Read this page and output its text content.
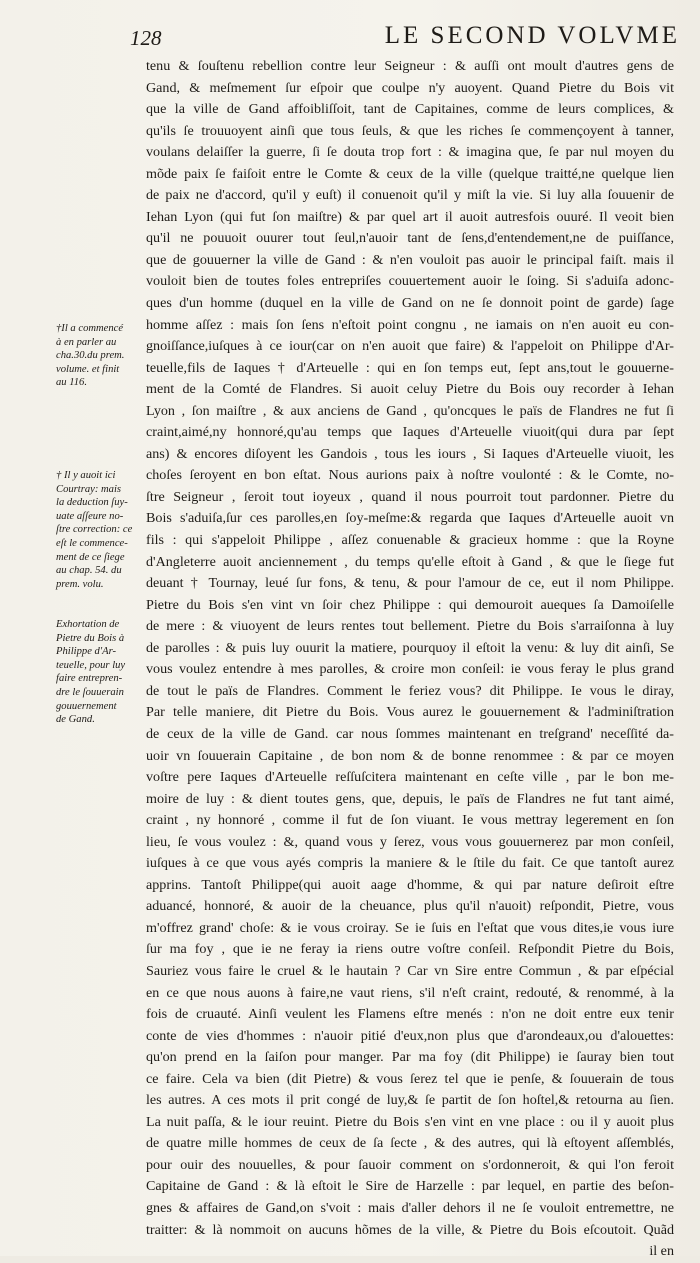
128	LE SECOND VOLVME
†Il a commencé
à en parler au
cha.30.du prem.
volume. et finit
au 116.
† Il y auoit ici
Courtray: mais
la deduction ſuy-
uate aſſeure no-
ſtre correction: ce
eſt le commence-
ment de ce ſiege
au chap. 54. du
prem. volu.
Exhortation de
Pietre du Bois à
Philippe d'Ar-
teuelle, pour luy
faire entrepren-
dre le ſouuerain
gouuernement
de Gand.
tenu & ſouſtenu rebellion contre leur Seigneur : & auſſi ont moult d'autres gens de
Gand, & meſmement ſur eſpoir que coulpe n'y auoyent. Quand Pietre du Bois vit
que la ville de Gand affoibliſſoit, tant de Capitaines, comme de leurs complices, &
qu'ils ſe trouuoyent ainſi que tous ſeuls, & que les riches ſe commençoyent à tanner,
voulans delaiſſer la guerre, ſi ſe douta trop fort : & imagina que, ſe par nul moyen du
mõde paix ſe faiſoit entre le Comte & ceux de la ville (quelque traitté,ne quelque lien
de paix ne d'accord, qu'il y euſt) il conuenoit qu'il y miſt la vie. Si luy alla ſouuenir de
Iehan Lyon (qui fut ſon maiſtre) & par quel art il auoit autresfois ouuré. Il veoit bien
qu'il ne pouuoit ouurer tout ſeul,n'auoir tant de ſens,d'entendement,ne de puiſſance,
que de gouuerner la ville de Gand : & n'en vouloit pas auoir le principal faiſt. mais il
vouloit bien de toutes foles entrepriſes couuertement auoir le ſoing. Si s'aduiſa adonc-
ques d'un homme (duquel en la ville de Gand on ne ſe donnoit point de garde) ſage
homme aſſez : mais ſon ſens n'eſtoit point congnu , ne iamais on n'en auoit eu con-
gnoiſſance,iuſques à ce iour(car on n'en auoit que faire) & l'appeloit on Philippe d'Ar-
teuelle,fils de Iaques † d'Arteuelle : qui en ſon temps eut, ſept ans,tout le gouuerne-
ment de la Comté de Flandres. Si auoit celuy Pietre du Bois ouy recorder à Iehan
Lyon , ſon maiſtre , & aux anciens de Gand , qu'oncques le païs de Flandres ne fut ſi
craint,aimé,ny honnoré,qu'au temps que Iaques d'Arteuelle viuoit(qui dura par ſept
ans) & encores diſoyent les Gandois , tous les iours , Si Iaques d'Arteuelle viuoit, les
choſes ſeroyent en bon eſtat. Nous aurions paix à noſtre voulonté : & le Comte, no-
ſtre Seigneur , ſeroit tout ioyeux , quand il nous pourroit tout pardonner. Pietre du
Bois s'aduiſa,ſur ces parolles,en ſoy-meſme:& regarda que Iaques d'Arteuelle auoit vn
fils : qui s'appeloit Philippe , aſſez conuenable & gracieux homme : que la Royne
d'Angleterre auoit anciennement , du temps qu'elle eſtoit à Gand , & que le ſiege fut
deuant † Tournay, leué ſur fons, & tenu, & pour l'amour de ce, eut il nom Philippe.
Pietre du Bois s'en vint vn ſoir chez Philippe : qui demouroit aueques ſa Damoiſelle
de mere : & viuoyent de leurs rentes tout bellement. Pietre du Bois s'arraiſonna à luy
de parolles : & puis luy ouurit la matiere, pourquoy il eſtoit la venu: & luy dit ainſi, Se
vous voulez entendre à mes parolles, & croire mon conſeil: ie vous feray le plus grand
de tout le païs de Flandres. Comment le feriez vous? dit Philippe. Ie vous le diray,
Par telle maniere, dit Pietre du Bois. Vous aurez le gouuernement & l'adminiſtration
de ceux de la ville de Gand. car nous ſommes maintenant en treſgrand' neceſſité da-
uoir vn ſouuerain Capitaine , de bon nom & de bonne renommee : & par ce moyen
voſtre pere Iaques d'Arteuelle reſſuſcitera maintenant en ceſte ville , par le bon me-
moire de luy : & dient toutes gens, que, depuis, le païs de Flandres ne fut tant aimé,
craint , ny honnoré , comme il fut de ſon viuant. Ie vous mettray legerement en ſon
lieu, ſe vous voulez : &, quand vous y ſerez, vous vous gouuernerez par mon conſeil,
iuſques à ce que vous ayés compris la maniere & le ſtile du fait. Ce que tantoſt aurez
apprins. Tantoſt Philippe(qui auoit aage d'homme, & qui par nature deſiroit eſtre
aduancé, honnoré, & auoir de la cheuance, plus qu'il n'auoit) reſpondit, Pietre, vous
m'offrez grand' choſe: & ie vous croiray. Se ie ſuis en l'eſtat que vous dites,ie vous iure
ſur ma foy , que ie ne feray ia riens outre voſtre conſeil. Reſpondit Pietre du Bois,
Sauriez vous faire le cruel & le hautain ? Car vn Sire entre Commun , & par eſpécial
en ce que nous auons à faire,ne vaut riens, s'il n'eſt craint, redouté, & renommé, à la
fois de cruauté. Ainſi veulent les Flamens eſtre menés : n'on ne doit entre eux tenir
conte de vies d'hommes : n'auoir pitié d'eux,non plus que d'arondeaux,ou d'alouettes:
qu'on prend en la ſaiſon pour manger. Par ma foy (dit Philippe) ie ſauray bien tout
ce faire. Cela va bien (dit Pietre) & vous ſerez tel que ie penſe, & ſouuerain de tous
les autres. A ces mots il prit congé de luy,& ſe partit de ſon hoſtel,& retourna au ſien.
La nuit paſſa, & le iour reuint. Pietre du Bois s'en vint en vne place : ou il y auoit plus
de quatre mille hommes de ceux de ſa ſecte , & des autres, qui là eſtoyent aſſemblés,
pour ouir des nouuelles, & pour ſauoir comment on s'ordonneroit, & qui l'on feroit
Capitaine de Gand : & là eſtoit le Sire de Harzelle : par lequel, en partie des beſon-
gnes & affaires de Gand,on s'voit : mais d'aller dehors il ne ſe vouloit entremettre, ne
traitter: & là nommoit on aucuns hõmes de la ville, & Pietre du Bois eſcoutoit. Quãd
il en
